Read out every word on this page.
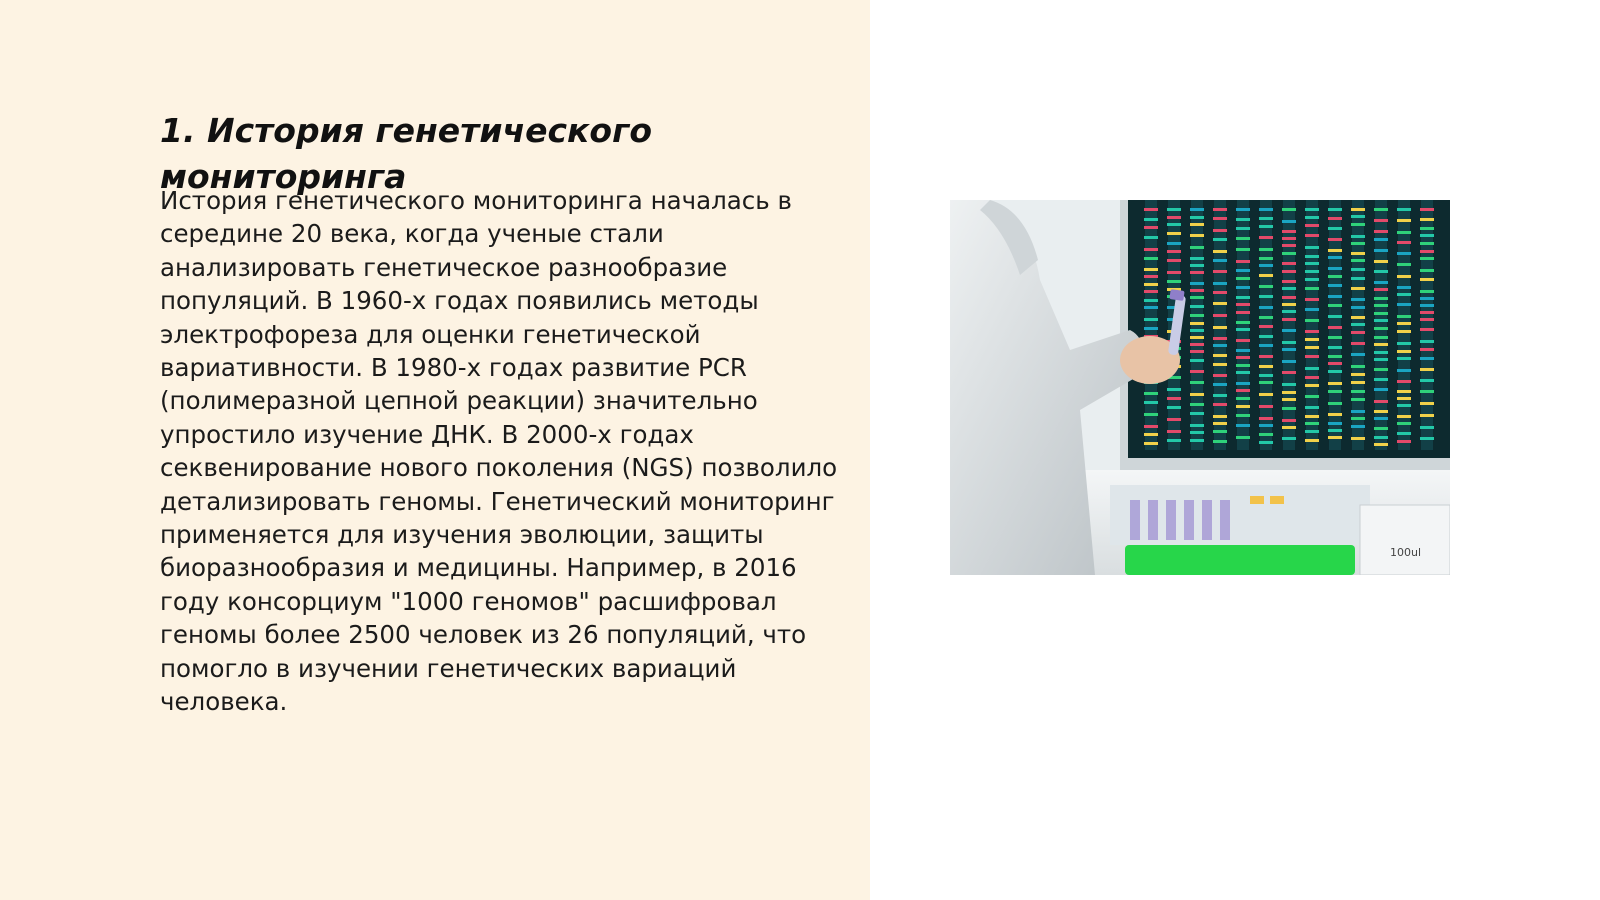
1. История генетического мониторинга

История генетического мониторинга началась в середине 20 века, когда ученые стали анализировать генетическое разнообразие популяций. В 1960-х годах появились методы электрофореза для оценки генетической вариативности. В 1980-х годах развитие PCR (полимеразной цепной реакции) значительно упростило изучение ДНК. В 2000-х годах секвенирование нового поколения (NGS) позволило детализировать геномы. Генетический мониторинг применяется для изучения эволюции, защиты биоразнообразия и медицины. Например, в 2016 году консорциум "1000 геномов" расшифровал геномы более 2500 человек из 26 популяций, что помогло в изучении генетических вариаций человека.

100ul
